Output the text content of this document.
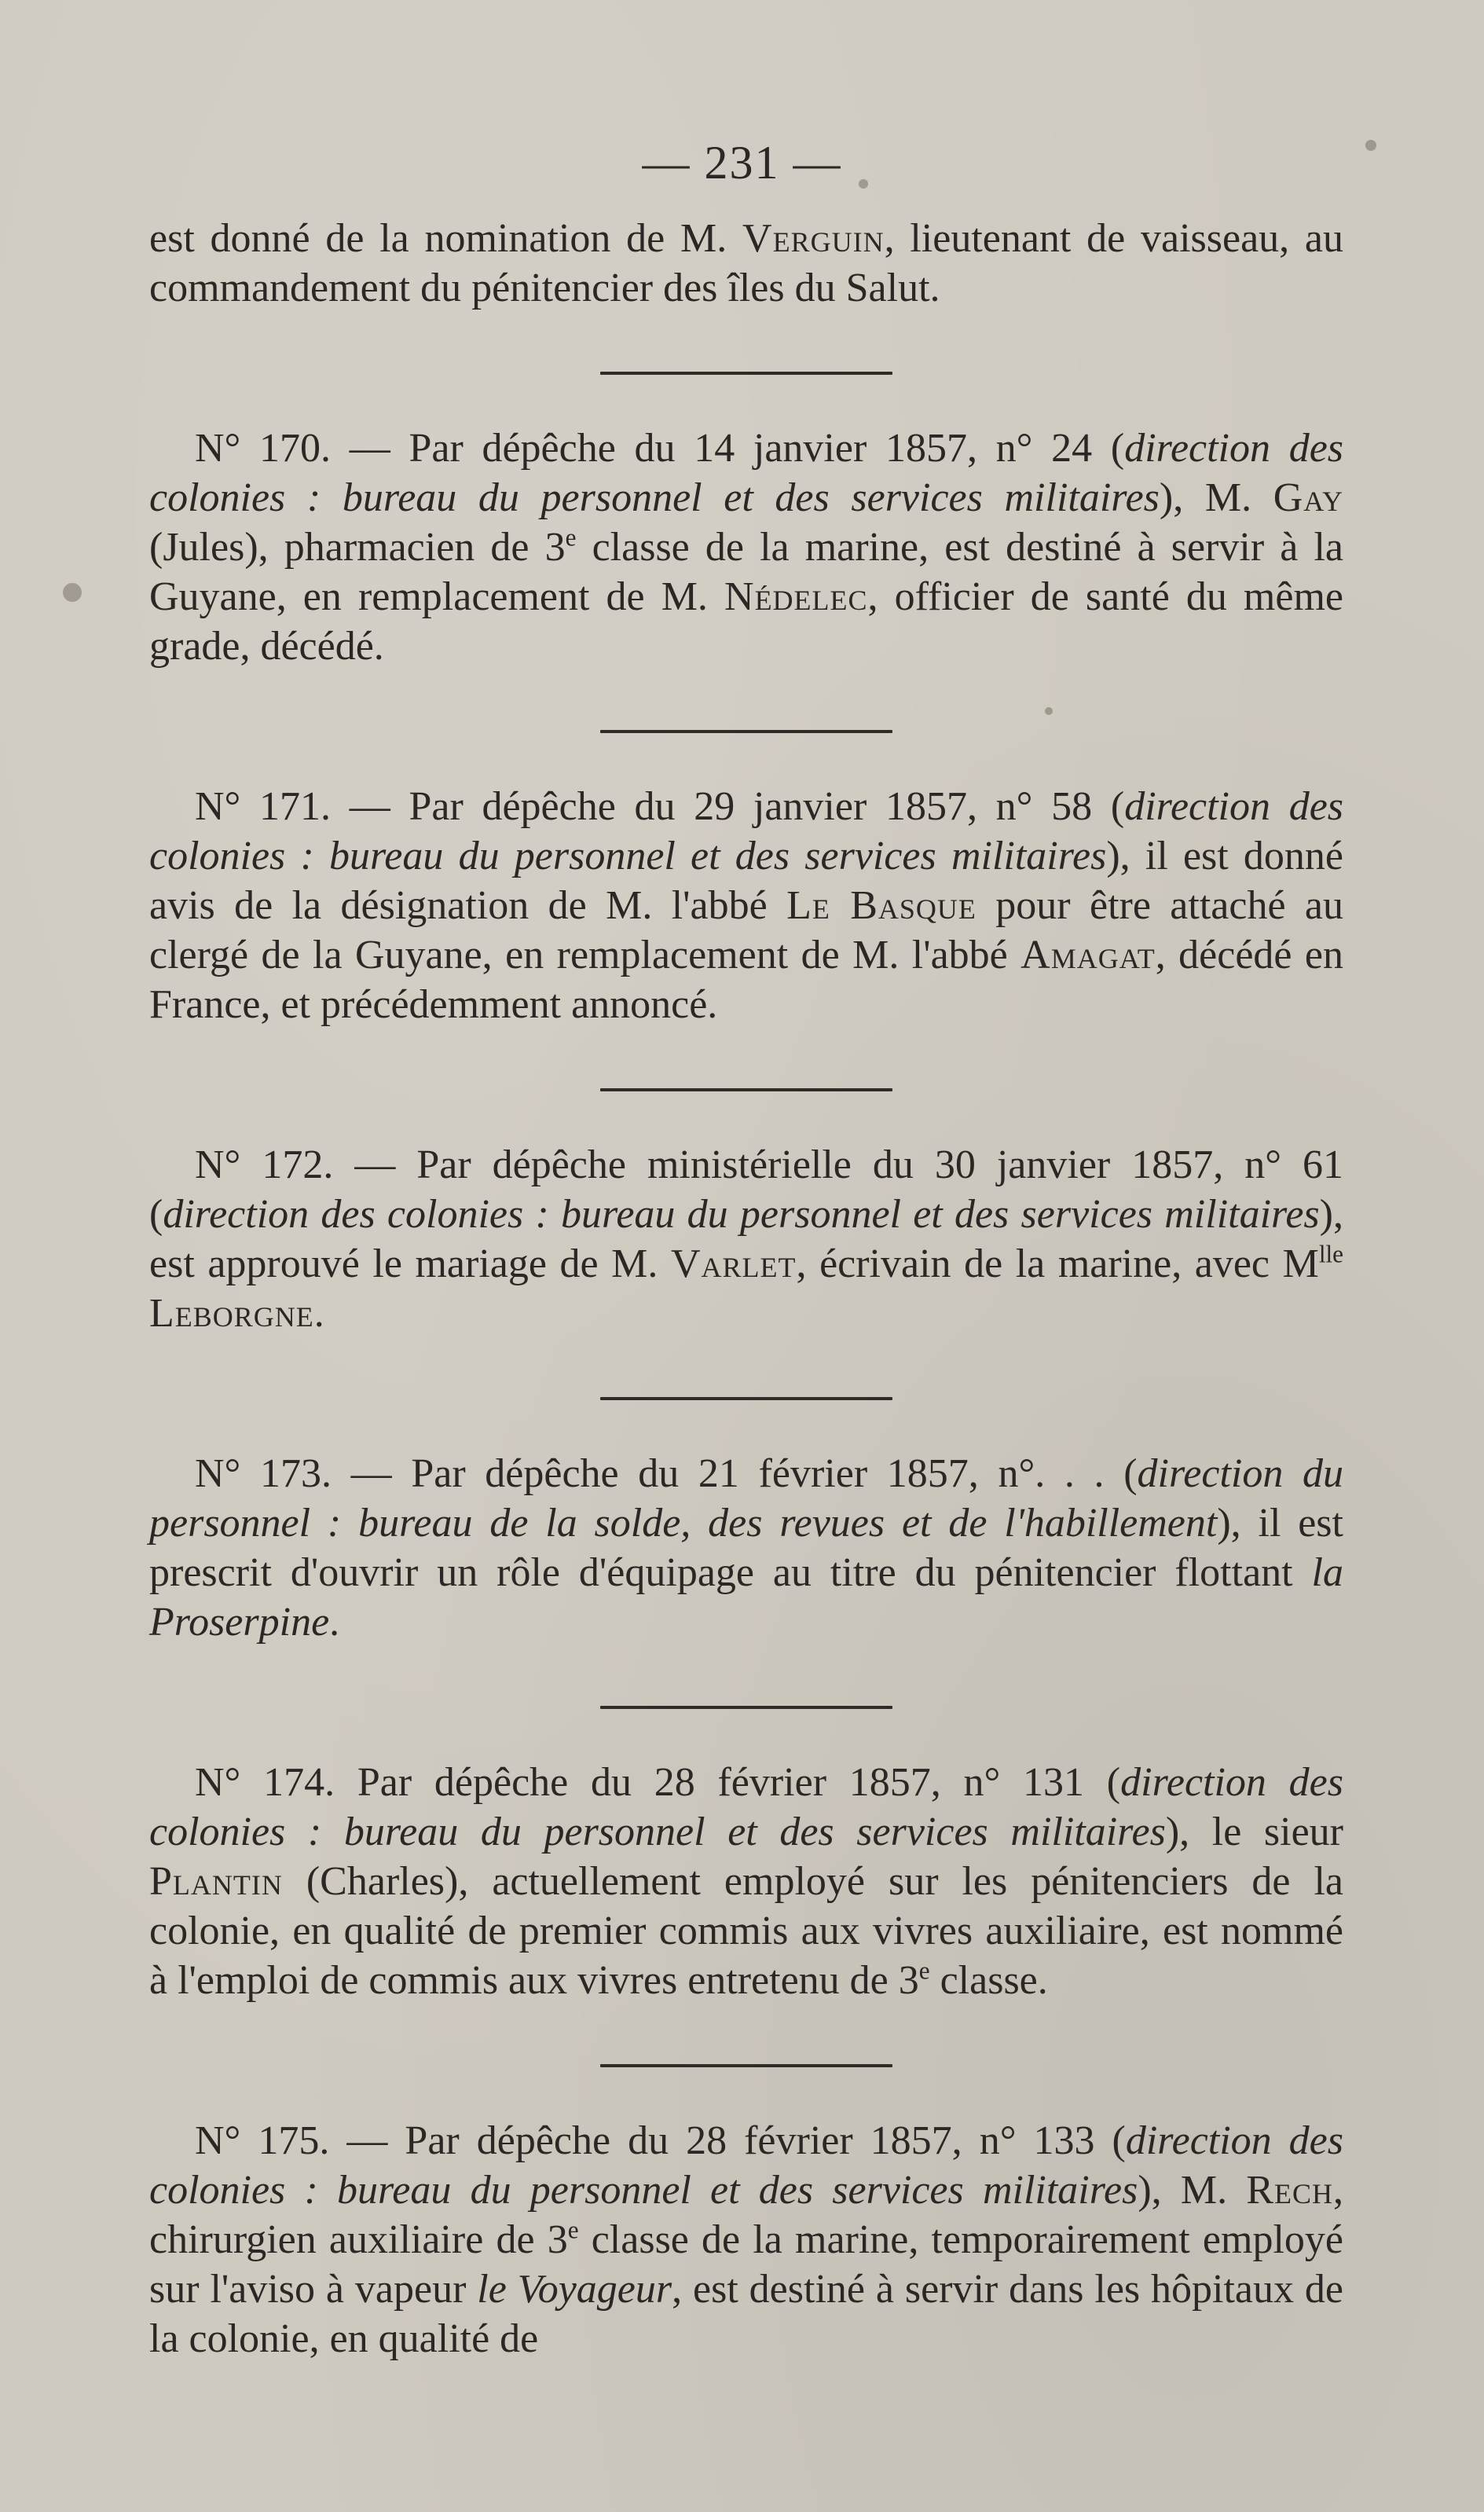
— 231 —

est donné de la nomination de M. Verguin, lieutenant de vaisseau, au commandement du pénitencier des îles du Salut.

N° 170. — Par dépêche du 14 janvier 1857, n° 24 (direction des colonies : bureau du personnel et des services militaires), M. Gay (Jules), pharmacien de 3e classe de la marine, est destiné à servir à la Guyane, en remplacement de M. Nédelec, officier de santé du même grade, décédé.

N° 171. — Par dépêche du 29 janvier 1857, n° 58 (direction des colonies : bureau du personnel et des services militaires), il est donné avis de la désignation de M. l'abbé Le Basque pour être attaché au clergé de la Guyane, en remplacement de M. l'abbé Amagat, décédé en France, et précédemment annoncé.

N° 172. — Par dépêche ministérielle du 30 janvier 1857, n° 61 (direction des colonies : bureau du personnel et des services militaires), est approuvé le mariage de M. Varlet, écrivain de la marine, avec $M^{lle}$ Leborgne.

N° 173. — Par dépêche du 21 février 1857, n°. . . (direction du personnel : bureau de la solde, des revues et de l'habillement), il est prescrit d'ouvrir un rôle d'équipage au titre du pénitencier flottant la Proserpine.

N° 174. Par dépêche du 28 février 1857, n° 131 (direction des colonies : bureau du personnel et des services militaires), le sieur Plantin (Charles), actuellement employé sur les pénitenciers de la colonie, en qualité de premier commis aux vivres auxiliaire, est nommé à l'emploi de commis aux vivres entretenu de 3e classe.

N° 175. — Par dépêche du 28 février 1857, n° 133 (direction des colonies : bureau du personnel et des services militaires), M. Rech, chirurgien auxiliaire de 3e classe de la marine, temporairement employé sur l'aviso à vapeur le Voyageur, est destiné à servir dans les hôpitaux de la colonie, en qualité de
